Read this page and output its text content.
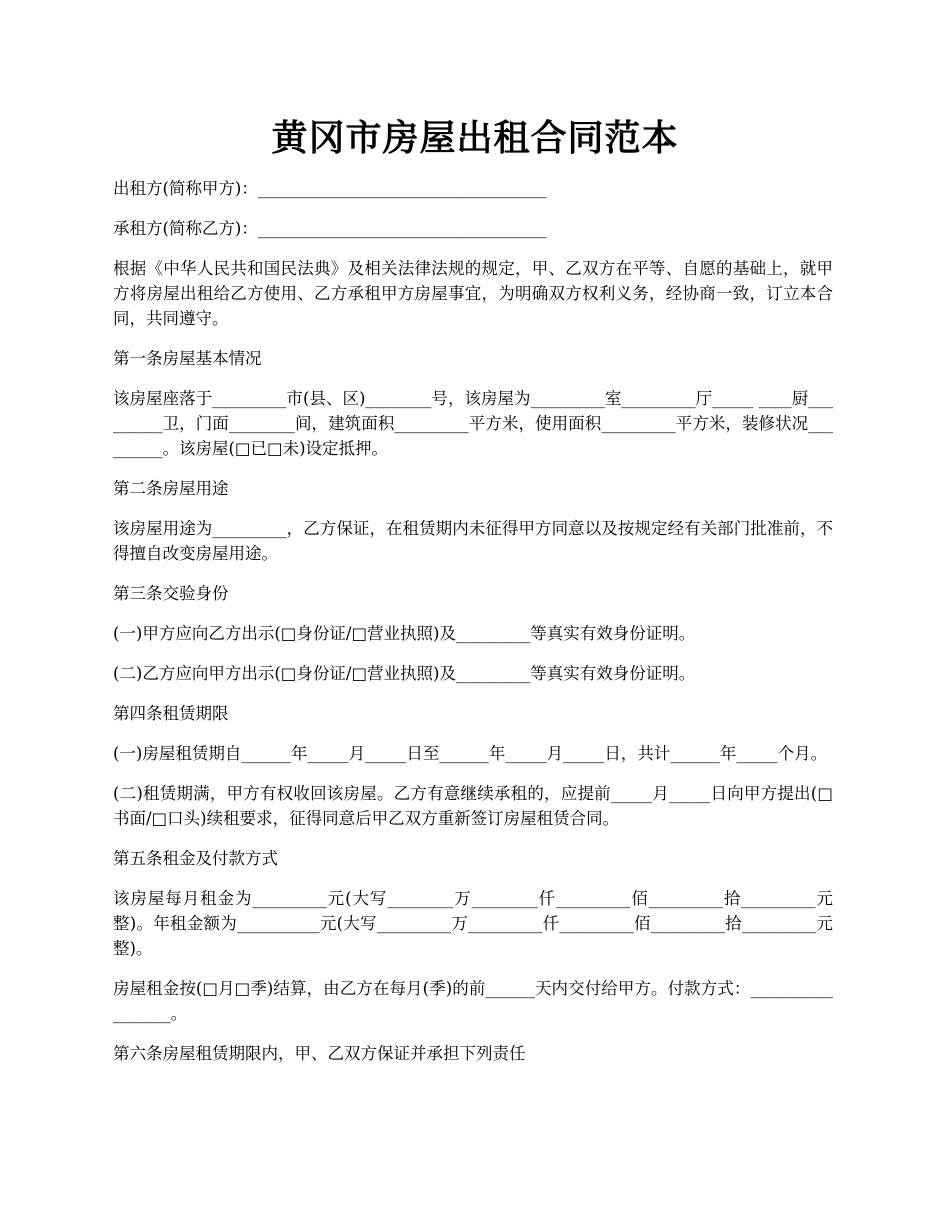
黄冈市房屋出租合同范本

出租方(简称甲方)：___________________________________

承租方(简称乙方)：___________________________________

根据《中华人民共和国民法典》及相关法律法规的规定，甲、乙双方在平等、自愿的基础上，就甲方将房屋出租给乙方使用、乙方承租甲方房屋事宜，为明确双方权利义务，经协商一致，订立本合同，共同遵守。

第一条房屋基本情况

该房屋座落于_________市(县、区)________号，该房屋为_________室_________厅_____ ____厨_________卫，门面________间，建筑面积_________平方米，使用面积_________平方米，装修状况_________。该房屋(□已□未)设定抵押。

第二条房屋用途

该房屋用途为_________，乙方保证，在租赁期内未征得甲方同意以及按规定经有关部门批准前，不得擅自改变房屋用途。

第三条交验身份

(一)甲方应向乙方出示(□身份证/□营业执照)及_________等真实有效身份证明。

(二)乙方应向甲方出示(□身份证/□营业执照)及_________等真实有效身份证明。

第四条租赁期限

(一)房屋租赁期自______年_____月_____日至______年_____月_____日，共计______年_____个月。

(二)租赁期满，甲方有权收回该房屋。乙方有意继续承租的，应提前_____月_____日向甲方提出(□书面/□口头)续租要求，征得同意后甲乙双方重新签订房屋租赁合同。

第五条租金及付款方式

该房屋每月租金为_________元(大写________万________仟_________佰_________拾_________元整)。年租金额为__________元(大写_________万_________仟_________佰_________拾_________元整)。

房屋租金按(□月□季)结算，由乙方在每月(季)的前______天内交付给甲方。付款方式：_________________。

第六条房屋租赁期限内，甲、乙双方保证并承担下列责任
